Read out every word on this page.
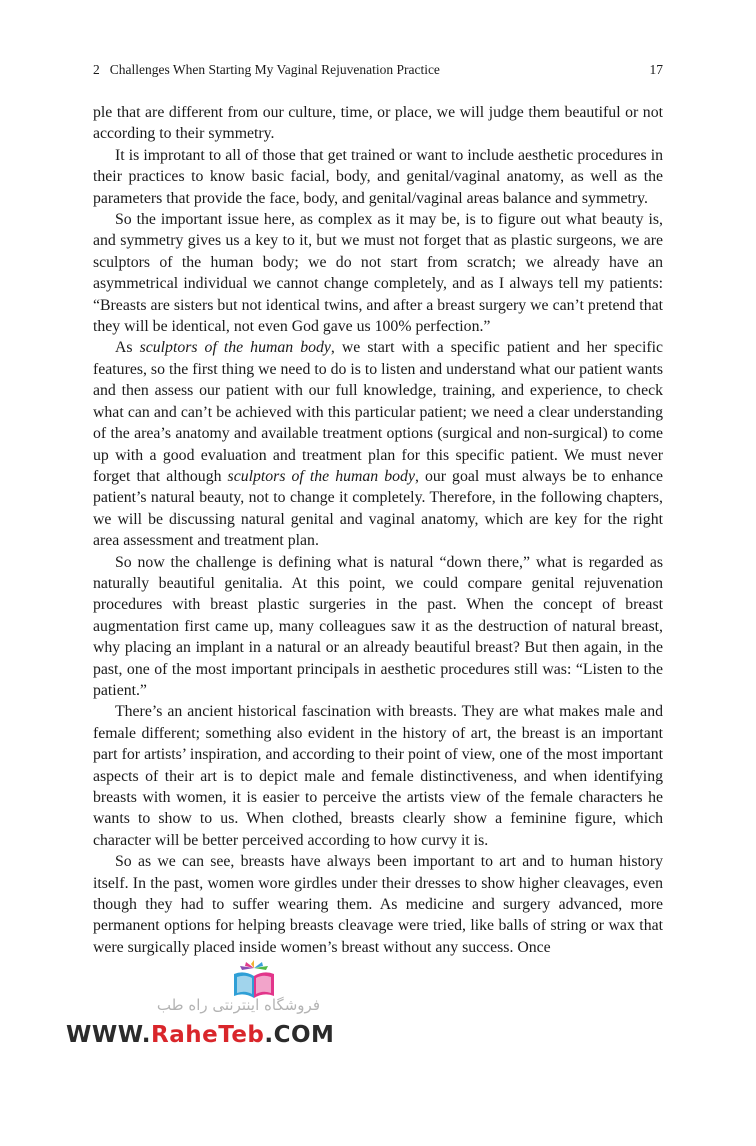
2 Challenges When Starting My Vaginal Rejuvenation Practice	17

ple that are different from our culture, time, or place, we will judge them beautiful or not according to their symmetry.

It is improtant to all of those that get trained or want to include aesthetic procedures in their practices to know basic facial, body, and genital/vaginal anatomy, as well as the parameters that provide the face, body, and genital/vaginal areas balance and symmetry.

So the important issue here, as complex as it may be, is to figure out what beauty is, and symmetry gives us a key to it, but we must not forget that as plastic surgeons, we are sculptors of the human body; we do not start from scratch; we already have an asymmetrical individual we cannot change completely, and as I always tell my patients: “Breasts are sisters but not identical twins, and after a breast surgery we can’t pretend that they will be identical, not even God gave us 100% perfection.”

As sculptors of the human body, we start with a specific patient and her specific features, so the first thing we need to do is to listen and understand what our patient wants and then assess our patient with our full knowledge, training, and experience, to check what can and can’t be achieved with this particular patient; we need a clear understanding of the area’s anatomy and available treatment options (surgical and non-surgical) to come up with a good evaluation and treatment plan for this specific patient. We must never forget that although sculptors of the human body, our goal must always be to enhance patient’s natural beauty, not to change it completely. Therefore, in the following chapters, we will be discussing natural genital and vaginal anatomy, which are key for the right area assessment and treatment plan.

So now the challenge is defining what is natural “down there,” what is regarded as naturally beautiful genitalia. At this point, we could compare genital rejuvenation procedures with breast plastic surgeries in the past. When the concept of breast augmentation first came up, many colleagues saw it as the destruction of natural breast, why placing an implant in a natural or an already beautiful breast? But then again, in the past, one of the most important principals in aesthetic procedures still was: “Listen to the patient.”

There’s an ancient historical fascination with breasts. They are what makes male and female different; something also evident in the history of art, the breast is an important part for artists’ inspiration, and according to their point of view, one of the most important aspects of their art is to depict male and female distinctiveness, and when identifying breasts with women, it is easier to perceive the artists view of the female characters he wants to show to us. When clothed, breasts clearly show a feminine figure, which character will be better perceived according to how curvy it is.

So as we can see, breasts have always been important to art and to human history itself. In the past, women wore girdles under their dresses to show higher cleavages, even though they had to suffer wearing them. As medicine and surgery advanced, more permanent options for helping breasts cleavage were tried, like balls of string or wax that were surgically placed inside women’s breast without any success. Once

فروشگاه اینترنتی راه طب
WWW.RaheTeb.COM
